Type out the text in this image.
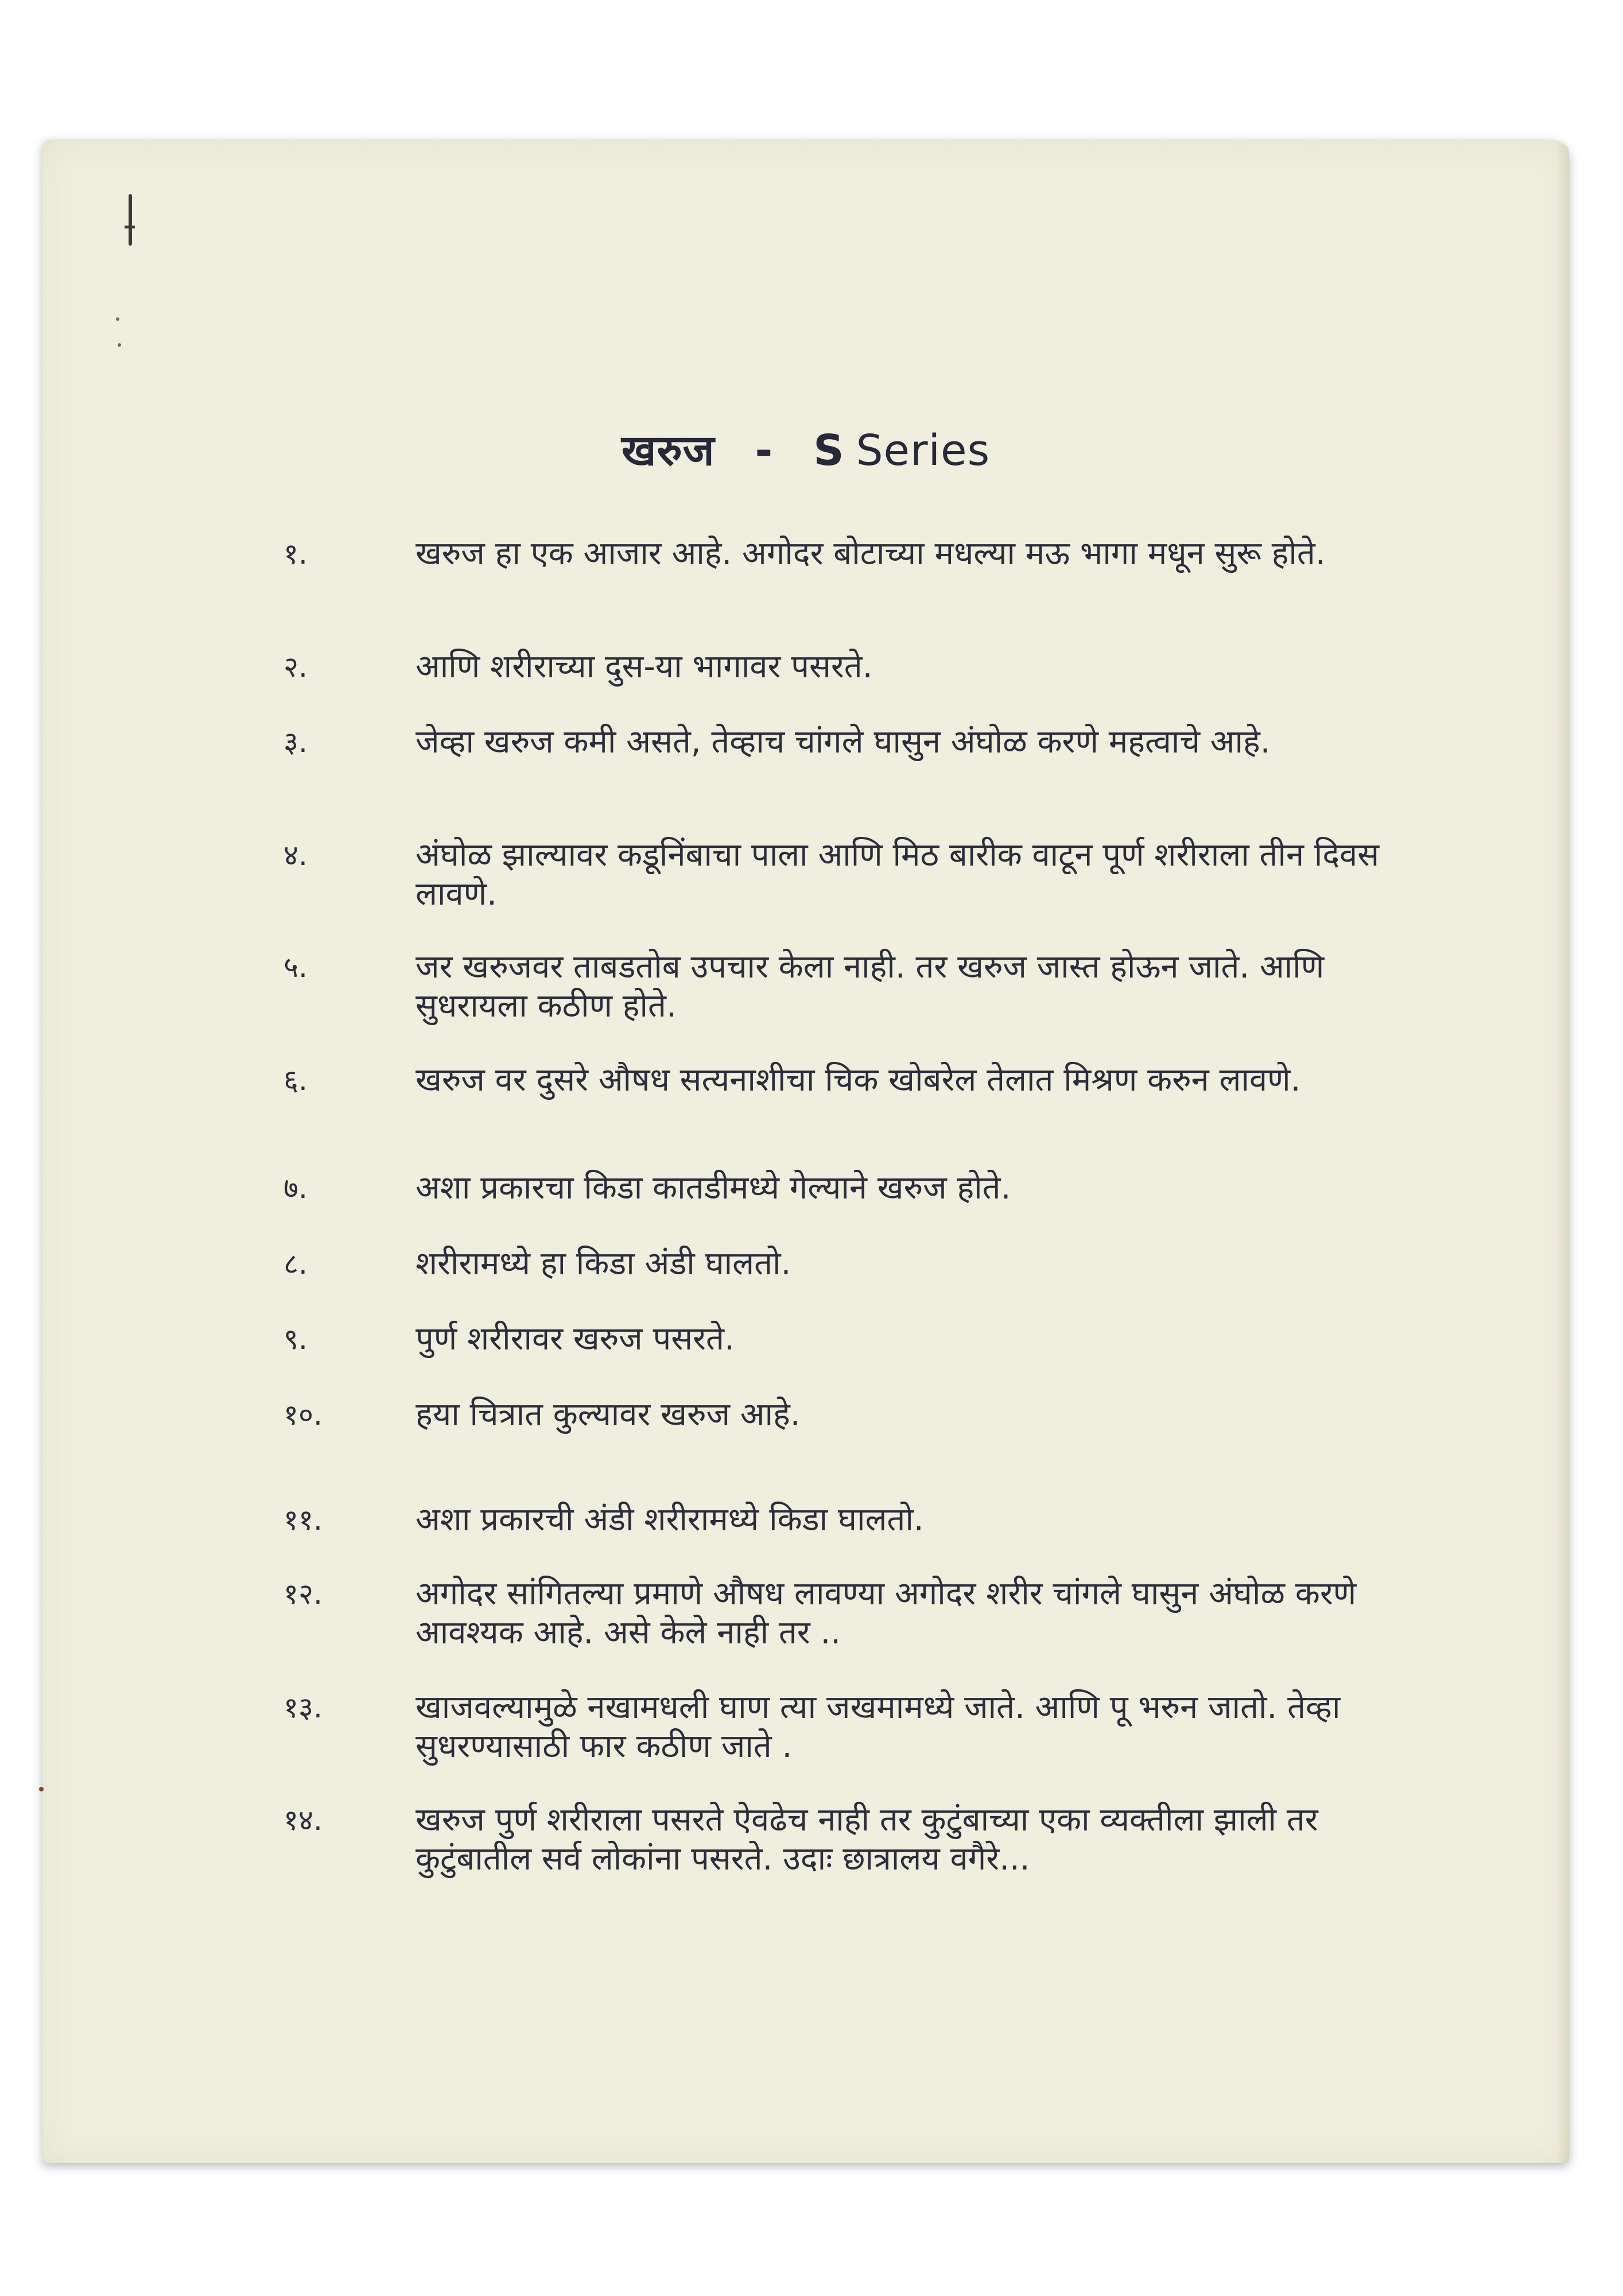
खरुज - S Series
१.	खरुज हा एक आजार आहे. अगोदर बोटाच्या मधल्या मऊ भागा मधून सुरू होते.
२.	आणि शरीराच्या दुस-या भागावर पसरते.
३.	जेव्हा खरुज कमी असते, तेव्हाच चांगले घासुन अंघोळ करणे महत्वाचे आहे.
४.	अंघोळ झाल्यावर कडूनिंबाचा पाला आणि मिठ बारीक वाटून पूर्ण शरीराला तीन दिवस लावणे.
५.	जर खरुजवर ताबडतोब उपचार केला नाही. तर खरुज जास्त होऊन जाते. आणि सुधरायला कठीण होते.
६.	खरुज वर दुसरे औषध सत्यनाशीचा चिक खोबरेल तेलात मिश्रण करुन लावणे.
७.	अशा प्रकारचा किडा कातडीमध्ये गेल्याने खरुज होते.
८.	शरीरामध्ये हा किडा अंडी घालतो.
९.	पुर्ण शरीरावर खरुज पसरते.
१०.	हया चित्रात कुल्यावर खरुज आहे.
११.	अशा प्रकारची अंडी शरीरामध्ये किडा घालतो.
१२.	अगोदर सांगितल्या प्रमाणे औषध लावण्या अगोदर शरीर चांगले घासुन अंघोळ करणे आवश्यक आहे. असे केले नाही तर ..
१३.	खाजवल्यामुळे नखामधली घाण त्या जखमामध्ये जाते. आणि पू भरुन जातो. तेव्हा सुधरण्यासाठी फार कठीण जाते .
१४.	खरुज पुर्ण शरीराला पसरते ऐवढेच नाही तर कुटुंबाच्या एका व्यक्तीला झाली तर कुटुंबातील सर्व लोकांना पसरते. उदाः छात्रालय वगैरे...
